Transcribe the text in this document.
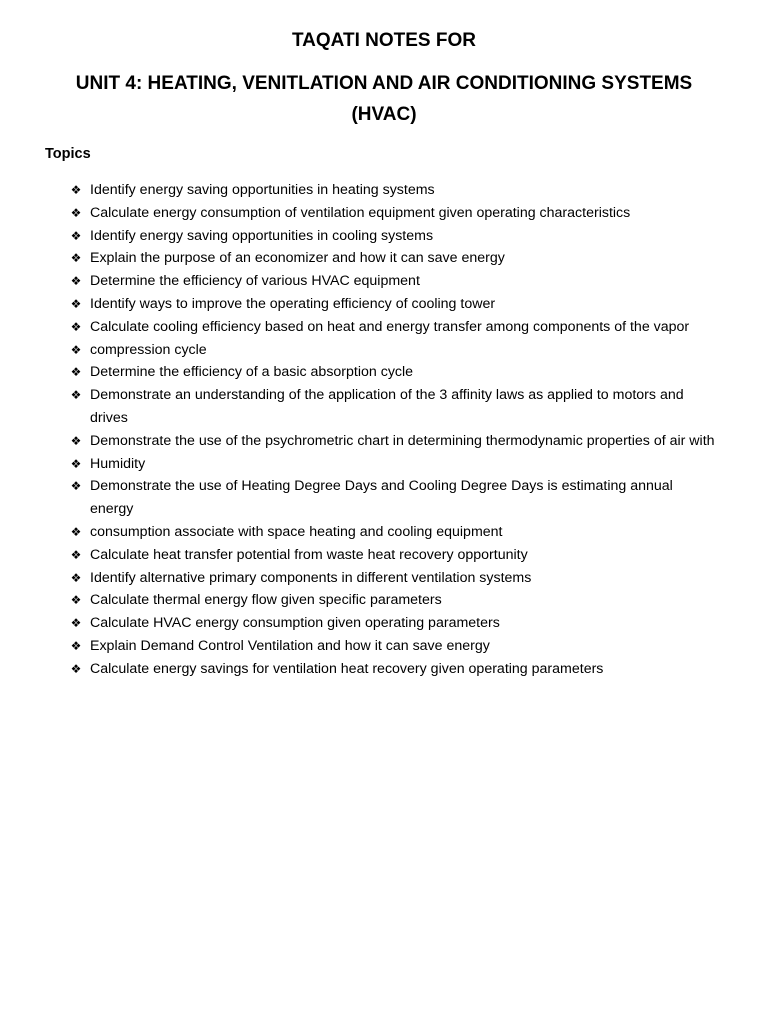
TAQATI NOTES FOR
UNIT 4: HEATING, VENITLATION AND AIR CONDITIONING SYSTEMS
(HVAC)
Topics
❖ Identify energy saving opportunities in heating systems
❖ Calculate energy consumption of ventilation equipment given operating characteristics
❖ Identify energy saving opportunities in cooling systems
❖ Explain the purpose of an economizer and how it can save energy
❖ Determine the efficiency of various HVAC equipment
❖ Identify ways to improve the operating efficiency of cooling tower
❖ Calculate cooling efficiency based on heat and energy transfer among components of the vapor
❖ compression cycle
❖ Determine the efficiency of a basic absorption cycle
❖ Demonstrate an understanding of the application of the 3 affinity laws as applied to motors and drives
❖ Demonstrate the use of the psychrometric chart in determining thermodynamic properties of air with
❖ Humidity
❖ Demonstrate the use of Heating Degree Days and Cooling Degree Days is estimating annual energy
❖ consumption associate with space heating and cooling equipment
❖ Calculate heat transfer potential from waste heat recovery opportunity
❖ Identify alternative primary components in different ventilation systems
❖ Calculate thermal energy flow given specific parameters
❖ Calculate HVAC energy consumption given operating parameters
❖ Explain Demand Control Ventilation and how it can save energy
❖ Calculate energy savings for ventilation heat recovery given operating parameters
